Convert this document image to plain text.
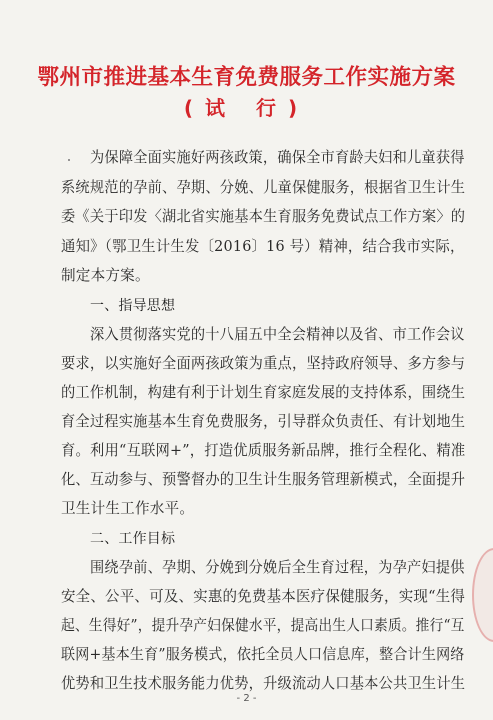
鄂州市推进基本生育免费服务工作实施方案
(试 行)
为保障全面实施好两孩政策，确保全市育龄夫妇和儿童获得
系统规范的孕前、孕期、分娩、儿童保健服务，根据省卫生计生
委《关于印发〈湖北省实施基本生育服务免费试点工作方案〉的
通知》（鄂卫生计生发〔2016〕16 号）精神，结合我市实际，
制定本方案。
一、指导思想
深入贯彻落实党的十八届五中全会精神以及省、市工作会议
要求，以实施好全面两孩政策为重点，坚持政府领导、多方参与
的工作机制，构建有利于计划生育家庭发展的支持体系，围绕生
育全过程实施基本生育免费服务，引导群众负责任、有计划地生
育。利用“互联网+”，打造优质服务新品牌，推行全程化、精准
化、互动参与、预警督办的卫生计生服务管理新模式，全面提升
卫生计生工作水平。
二、工作目标
围绕孕前、孕期、分娩到分娩后全生育过程，为孕产妇提供
安全、公平、可及、实惠的免费基本医疗保健服务，实现“生得
起、生得好”，提升孕产妇保健水平，提高出生人口素质。推行“互
联网+基本生育”服务模式，依托全员人口信息库，整合计生网络
优势和卫生技术服务能力优势，升级流动人口基本公共卫生计生
- 2 -
